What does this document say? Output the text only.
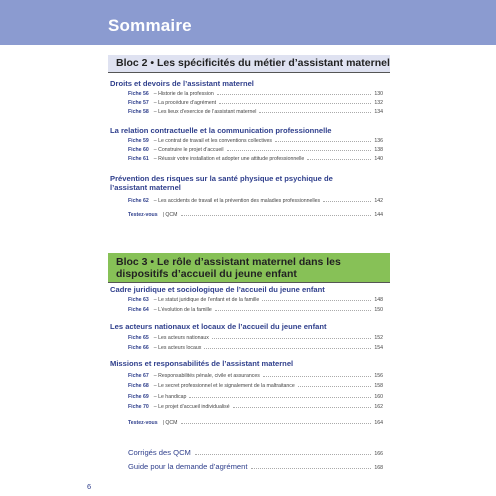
Sommaire
Bloc 2 • Les spécificités du métier d’assistant maternel
Droits et devoirs de l’assistant maternel
Fiche 56 – Historie de la profession	130
Fiche 57 – La procédure d’agrément	132
Fiche 58 – Les lieux d’exercice de l’assistant maternel	134
La relation contractuelle et la communication professionnelle
Fiche 59 – Le contrat de travail et les conventions collectives	136
Fiche 60 – Construire le projet d’accueil	138
Fiche 61 – Réussir votre installation et adopter une attitude professionnelle	140
Prévention des risques sur la santé physique et psychique de l’assistant maternel
Fiche 62 – Les accidents de travail et la prévention des maladies professionnelles	142
Testez-vous | QCM	144
Bloc 3 • Le rôle d’assistant maternel dans les dispositifs d’accueil du jeune enfant
Cadre juridique et sociologique de l’accueil du jeune enfant
Fiche 63 – Le statut juridique de l’enfant et de la famille	148
Fiche 64 – L’évolution de la famille	150
Les acteurs nationaux et locaux de l’accueil du jeune enfant
Fiche 65 – Les acteurs nationaux	152
Fiche 66 – Les acteurs locaux	154
Missions et responsabilités de l’assistant maternel
Fiche 67 – Responsabilités pénale, civile et assurances	156
Fiche 68 – Le secret professionnel et le signalement de la maltraitance	158
Fiche 69 – Le handicap	160
Fiche 70 – Le projet d’accueil individualisé	162
Testez-vous | QCM	164
Corrigés des QCM	166
Guide pour la demande d’agrément	168
6
